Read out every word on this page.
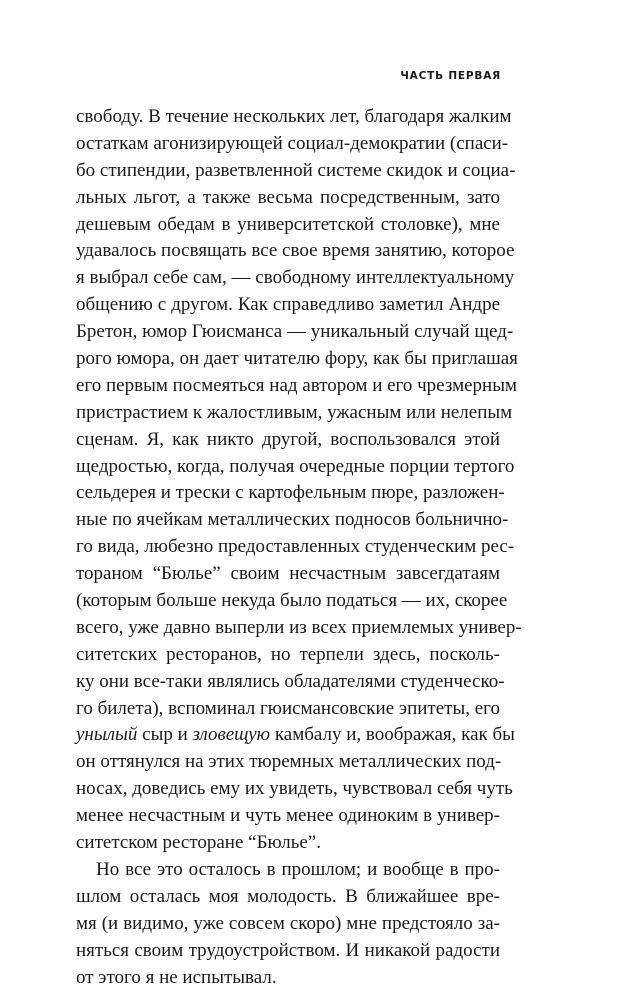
ЧАСТЬ ПЕРВАЯ
свободу. В течение нескольких лет, благодаря жалким
остаткам агонизирующей социал-демократии (спаси-
бо стипендии, разветвленной системе скидок и социа-
льных льгот, а также весьма посредственным, зато
дешевым обедам в университетской столовке), мне
удавалось посвящать все свое время занятию, которое
я выбрал себе сам, — свободному интеллектуальному
общению с другом. Как справедливо заметил Андре
Бретон, юмор Гюисманса — уникальный случай щед-
рого юмора, он дает читателю фору, как бы приглашая
его первым посмеяться над автором и его чрезмерным
пристрастием к жалостливым, ужасным или нелепым
сценам. Я, как никто другой, воспользовался этой
щедростью, когда, получая очередные порции тертого
сельдерея и трески с картофельным пюре, разложен-
ные по ячейкам металлических подносов больнично-
го вида, любезно предоставленных студенческим рес-
тораном “Бюлье” своим несчастным завсегдатаям
(которым больше некуда было податься — их, скорее
всего, уже давно выперли из всех приемлемых универ-
ситетских ресторанов, но терпели здесь, посколь-
ку они все-таки являлись обладателями студенческо-
го билета), вспоминал гюисмансовские эпитеты, его
унылый сыр и зловещую камбалу и, воображая, как бы
он оттянулся на этих тюремных металлических под-
носах, доведись ему их увидеть, чувствовал себя чуть
менее несчастным и чуть менее одиноким в универ-
ситетском ресторане “Бюлье”.
Но все это осталось в прошлом; и вообще в про-
шлом осталась моя молодость. В ближайшее вре-
мя (и видимо, уже совсем скоро) мне предстояло за-
няться своим трудоустройством. И никакой радости
от этого я не испытывал.
